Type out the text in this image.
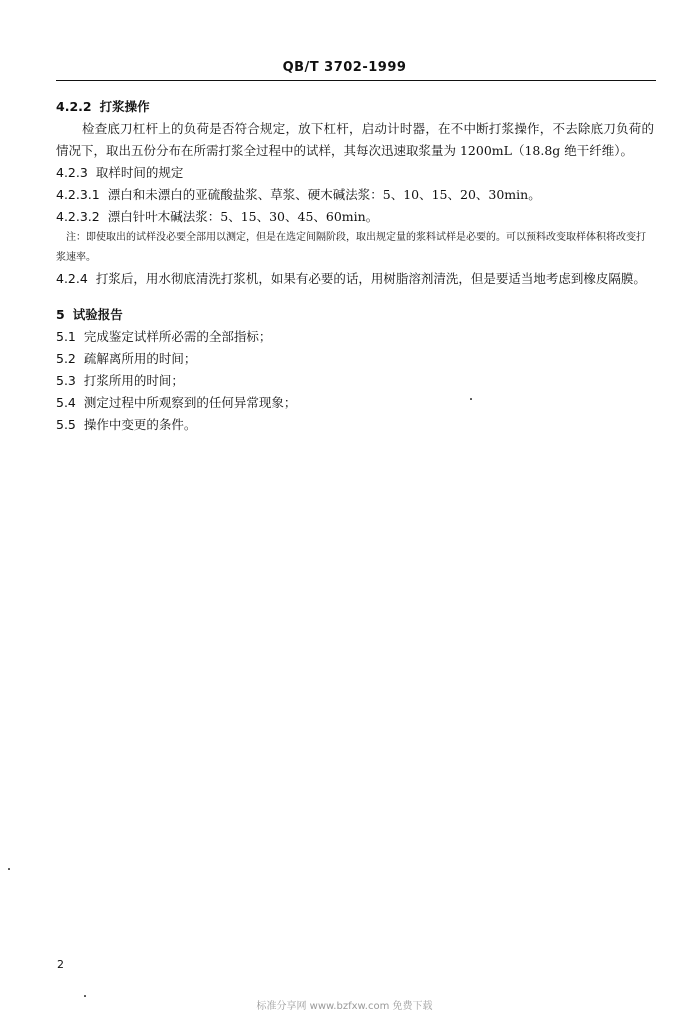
QB/T 3702-1999

4.2.2 打浆操作

检查底刀杠杆上的负荷是否符合规定，放下杠杆，启动计时器，在不中断打浆操作，不去除底刀负荷的情况下，取出五份分布在所需打浆全过程中的试样，其每次迅速取浆量为 1200mL（18.8g 绝干纤维）。

4.2.3 取样时间的规定

4.2.3.1 漂白和未漂白的亚硫酸盐浆、草浆、硬木碱法浆：5、10、15、20、30min。

4.2.3.2 漂白针叶木碱法浆：5、15、30、45、60min。

注：即使取出的试样没必要全部用以测定，但是在选定间隔阶段，取出规定量的浆料试样是必要的。可以预料改变取样体积将改变打浆速率。

4.2.4 打浆后，用水彻底清洗打浆机，如果有必要的话，用树脂溶剂清洗，但是要适当地考虑到橡皮隔膜。

5 试验报告

5.1 完成鉴定试样所必需的全部指标；

5.2 疏解离所用的时间；

5.3 打浆所用的时间；

5.4 测定过程中所观察到的任何异常现象；

5.5 操作中变更的条件。

2
标准分享网 www.bzfxw.com 免费下载
